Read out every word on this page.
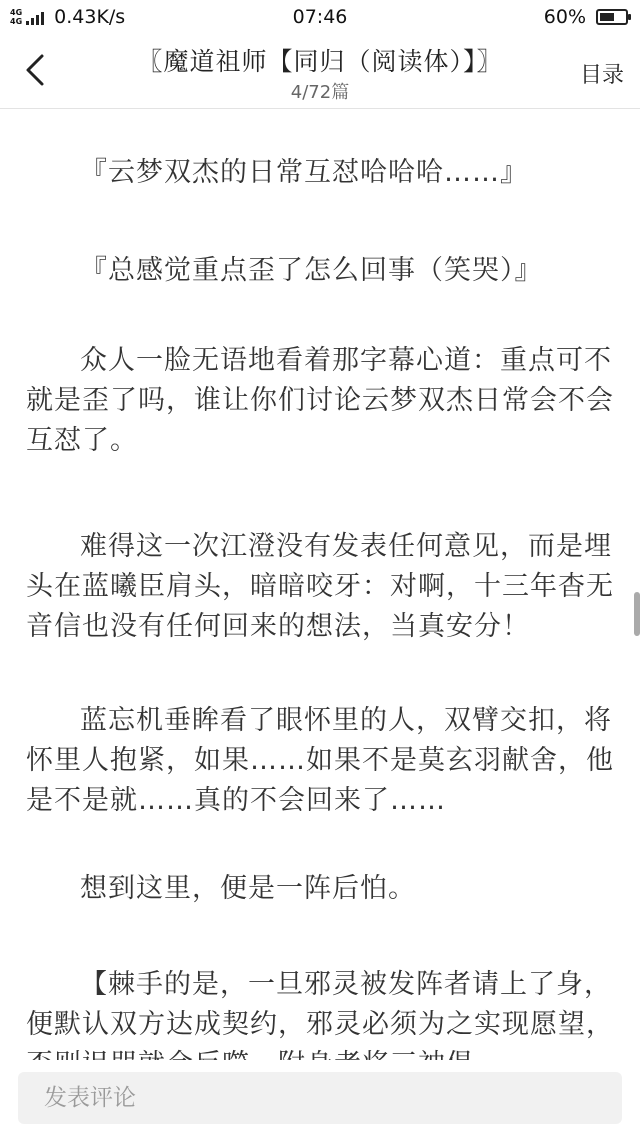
4G
4G 0.43K/s	07:46	60%
〖魔道祖师【同归（阅读体）】〗
4/72篇
目录

『云梦双杰的日常互怼哈哈哈……』

『总感觉重点歪了怎么回事（笑哭）』

众人一脸无语地看着那字幕心道：重点可不就是歪了吗，谁让你们讨论云梦双杰日常会不会互怼了。

难得这一次江澄没有发表任何意见，而是埋头在蓝曦臣肩头，暗暗咬牙：对啊，十三年杳无音信也没有任何回来的想法，当真安分！

蓝忘机垂眸看了眼怀里的人，双臂交扣，将怀里人抱紧，如果……如果不是莫玄羽献舍，他是不是就……真的不会回来了……

想到这里，便是一阵后怕。

【棘手的是，一旦邪灵被发阵者请上了身，便默认双方达成契约，邪灵必须为之实现愿望，

发表评论
